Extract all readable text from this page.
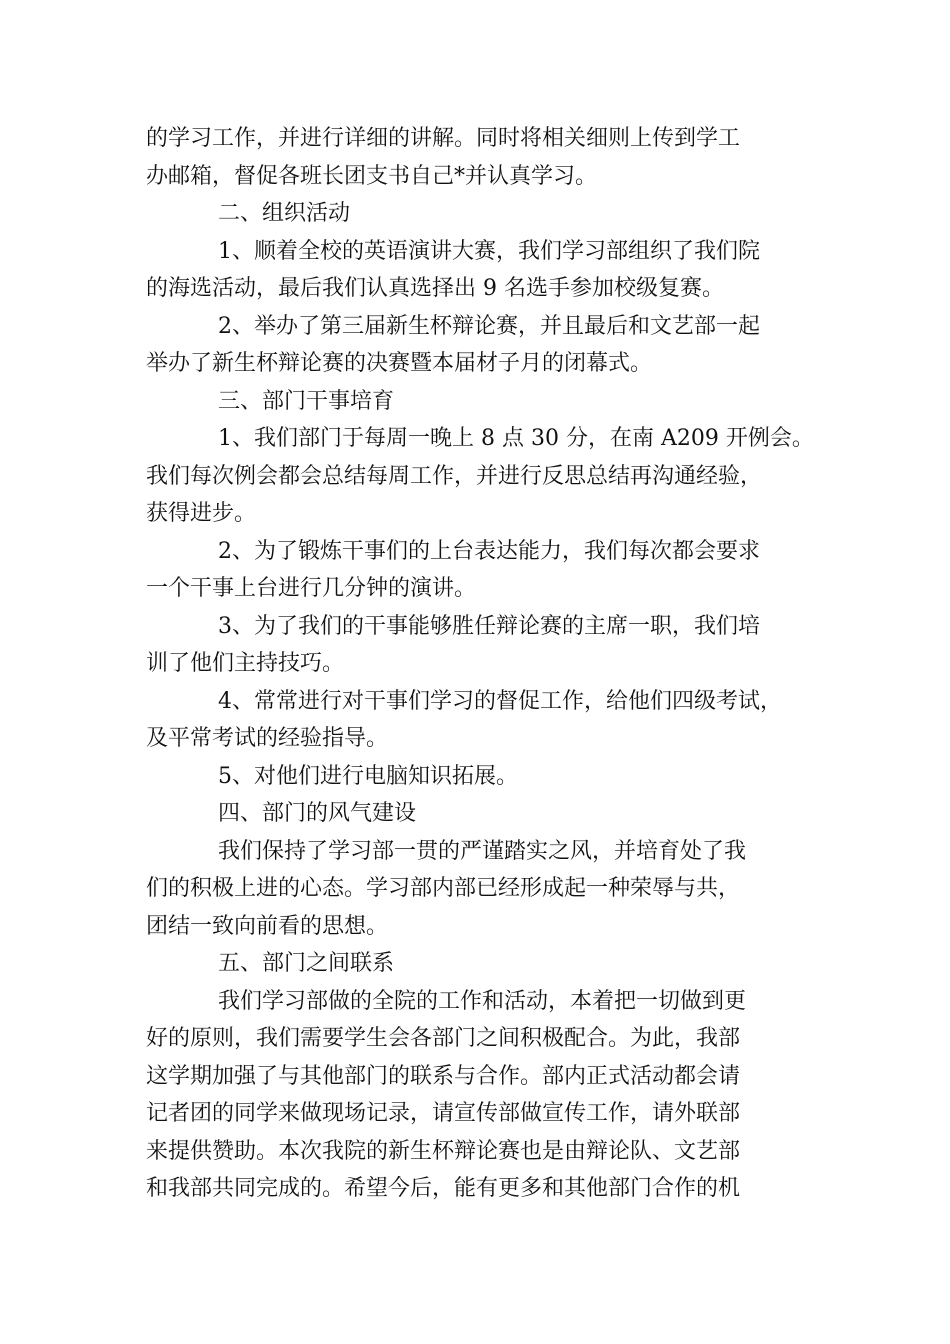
的学习工作，并进行详细的讲解。同时将相关细则上传到学工
办邮箱，督促各班长团支书自己*并认真学习。
二、组织活动
1、顺着全校的英语演讲大赛，我们学习部组织了我们院
的海选活动，最后我们认真选择出 9 名选手参加校级复赛。
2、举办了第三届新生杯辩论赛，并且最后和文艺部一起
举办了新生杯辩论赛的决赛暨本届材子月的闭幕式。
三、部门干事培育
1、我们部门于每周一晚上 8 点 30 分，在南 A209 开例会。
我们每次例会都会总结每周工作，并进行反思总结再沟通经验，
获得进步。
2、为了锻炼干事们的上台表达能力，我们每次都会要求
一个干事上台进行几分钟的演讲。
3、为了我们的干事能够胜任辩论赛的主席一职，我们培
训了他们主持技巧。
4、常常进行对干事们学习的督促工作，给他们四级考试，
及平常考试的经验指导。
5、对他们进行电脑知识拓展。
四、部门的风气建设
我们保持了学习部一贯的严谨踏实之风，并培育处了我
们的积极上进的心态。学习部内部已经形成起一种荣辱与共，
团结一致向前看的思想。
五、部门之间联系
我们学习部做的全院的工作和活动，本着把一切做到更
好的原则，我们需要学生会各部门之间积极配合。为此，我部
这学期加强了与其他部门的联系与合作。部内正式活动都会请
记者团的同学来做现场记录，请宣传部做宣传工作，请外联部
来提供赞助。本次我院的新生杯辩论赛也是由辩论队、文艺部
和我部共同完成的。希望今后，能有更多和其他部门合作的机
